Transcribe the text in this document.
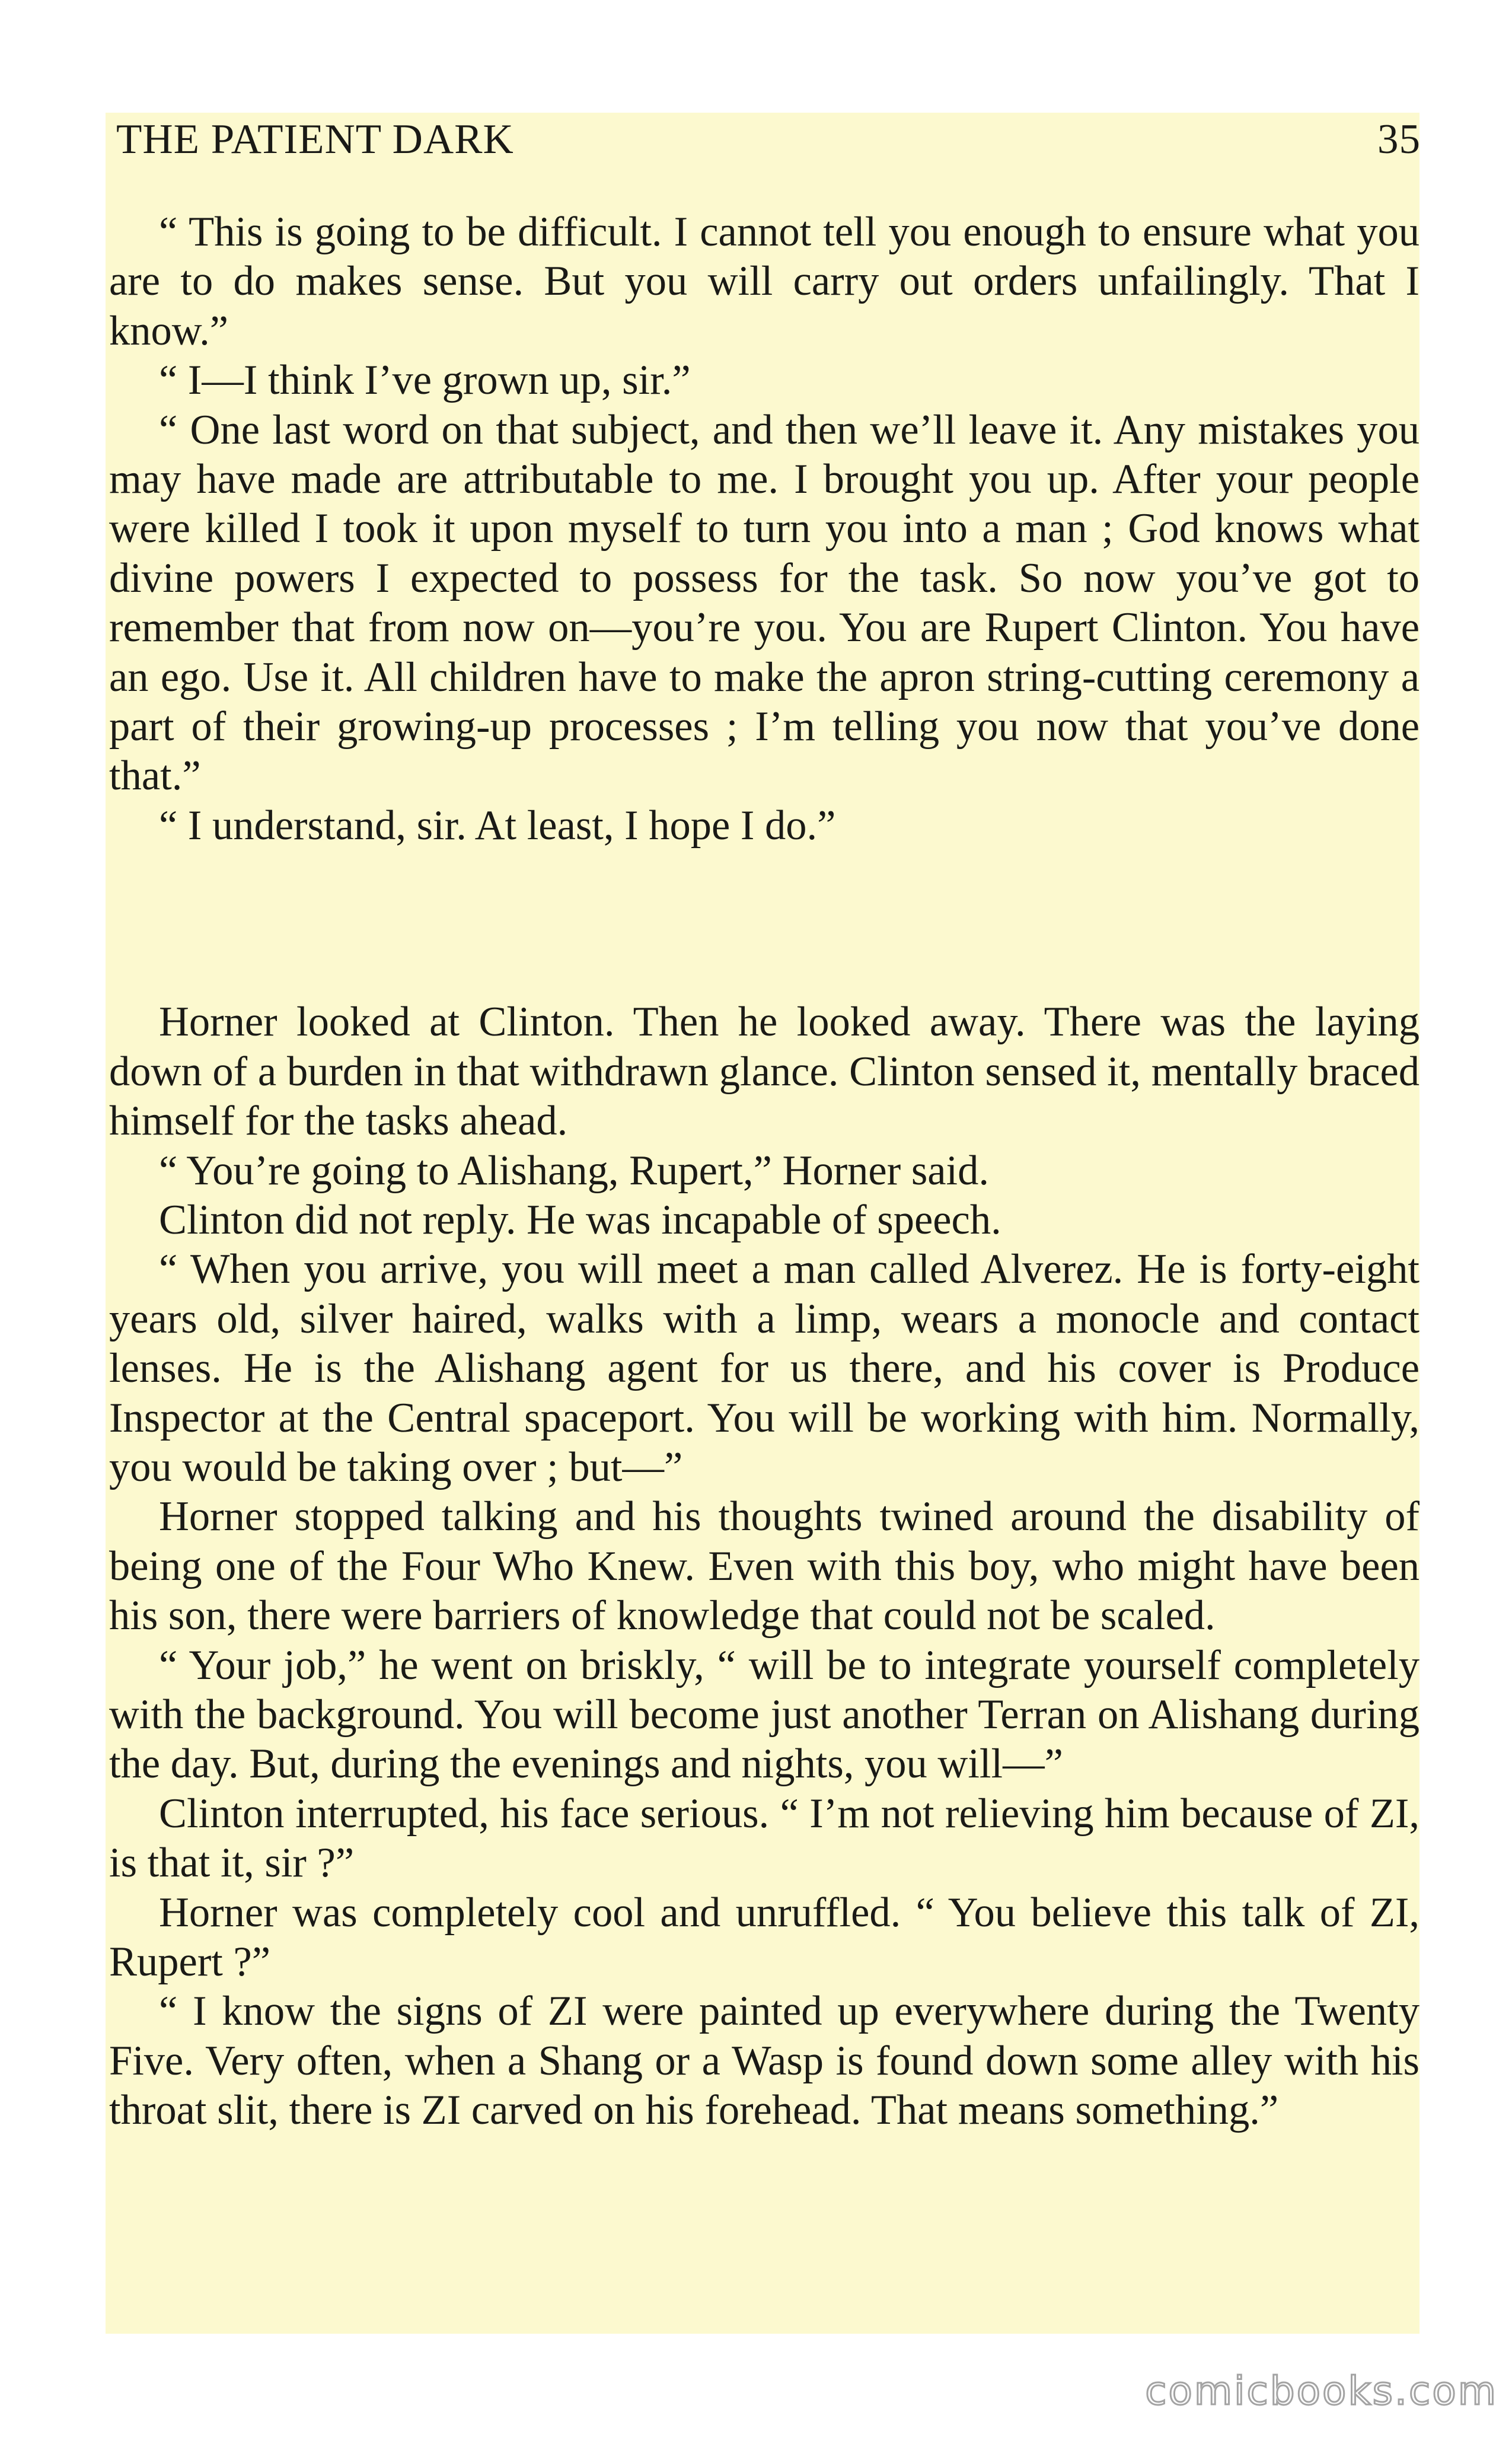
THE PATIENT DARK	35

“ This is going to be difficult. I cannot tell you enough to ensure what you are to do makes sense. But you will carry out orders unfailingly. That I know.”

“ I—I think I’ve grown up, sir.”

“ One last word on that subject, and then we’ll leave it. Any mistakes you may have made are attributable to me. I brought you up. After your people were killed I took it upon myself to turn you into a man ; God knows what divine powers I expected to possess for the task. So now you’ve got to remember that from now on—you’re you. You are Rupert Clinton. You have an ego. Use it. All children have to make the apron string-cutting ceremony a part of their growing-up processes ; I’m telling you now that you’ve done that.”

“ I understand, sir. At least, I hope I do.”

Horner looked at Clinton. Then he looked away. There was the laying down of a burden in that withdrawn glance. Clinton sensed it, mentally braced himself for the tasks ahead.

“ You’re going to Alishang, Rupert,” Horner said.

Clinton did not reply. He was incapable of speech.

“ When you arrive, you will meet a man called Alverez. He is forty-eight years old, silver haired, walks with a limp, wears a monocle and contact lenses. He is the Alishang agent for us there, and his cover is Produce Inspector at the Central spaceport. You will be working with him. Normally, you would be taking over ; but—”

Horner stopped talking and his thoughts twined around the disability of being one of the Four Who Knew. Even with this boy, who might have been his son, there were barriers of knowledge that could not be scaled.

“ Your job,” he went on briskly, “ will be to integrate yourself completely with the background. You will become just another Terran on Alishang during the day. But, during the evenings and nights, you will—”

Clinton interrupted, his face serious. “ I’m not relieving him because of ZI, is that it, sir ?”

Horner was completely cool and unruffled. “ You believe this talk of ZI, Rupert ?”

“ I know the signs of ZI were painted up everywhere during the Twenty Five. Very often, when a Shang or a Wasp is found down some alley with his throat slit, there is ZI carved on his forehead. That means something.”

comicbooks.com
